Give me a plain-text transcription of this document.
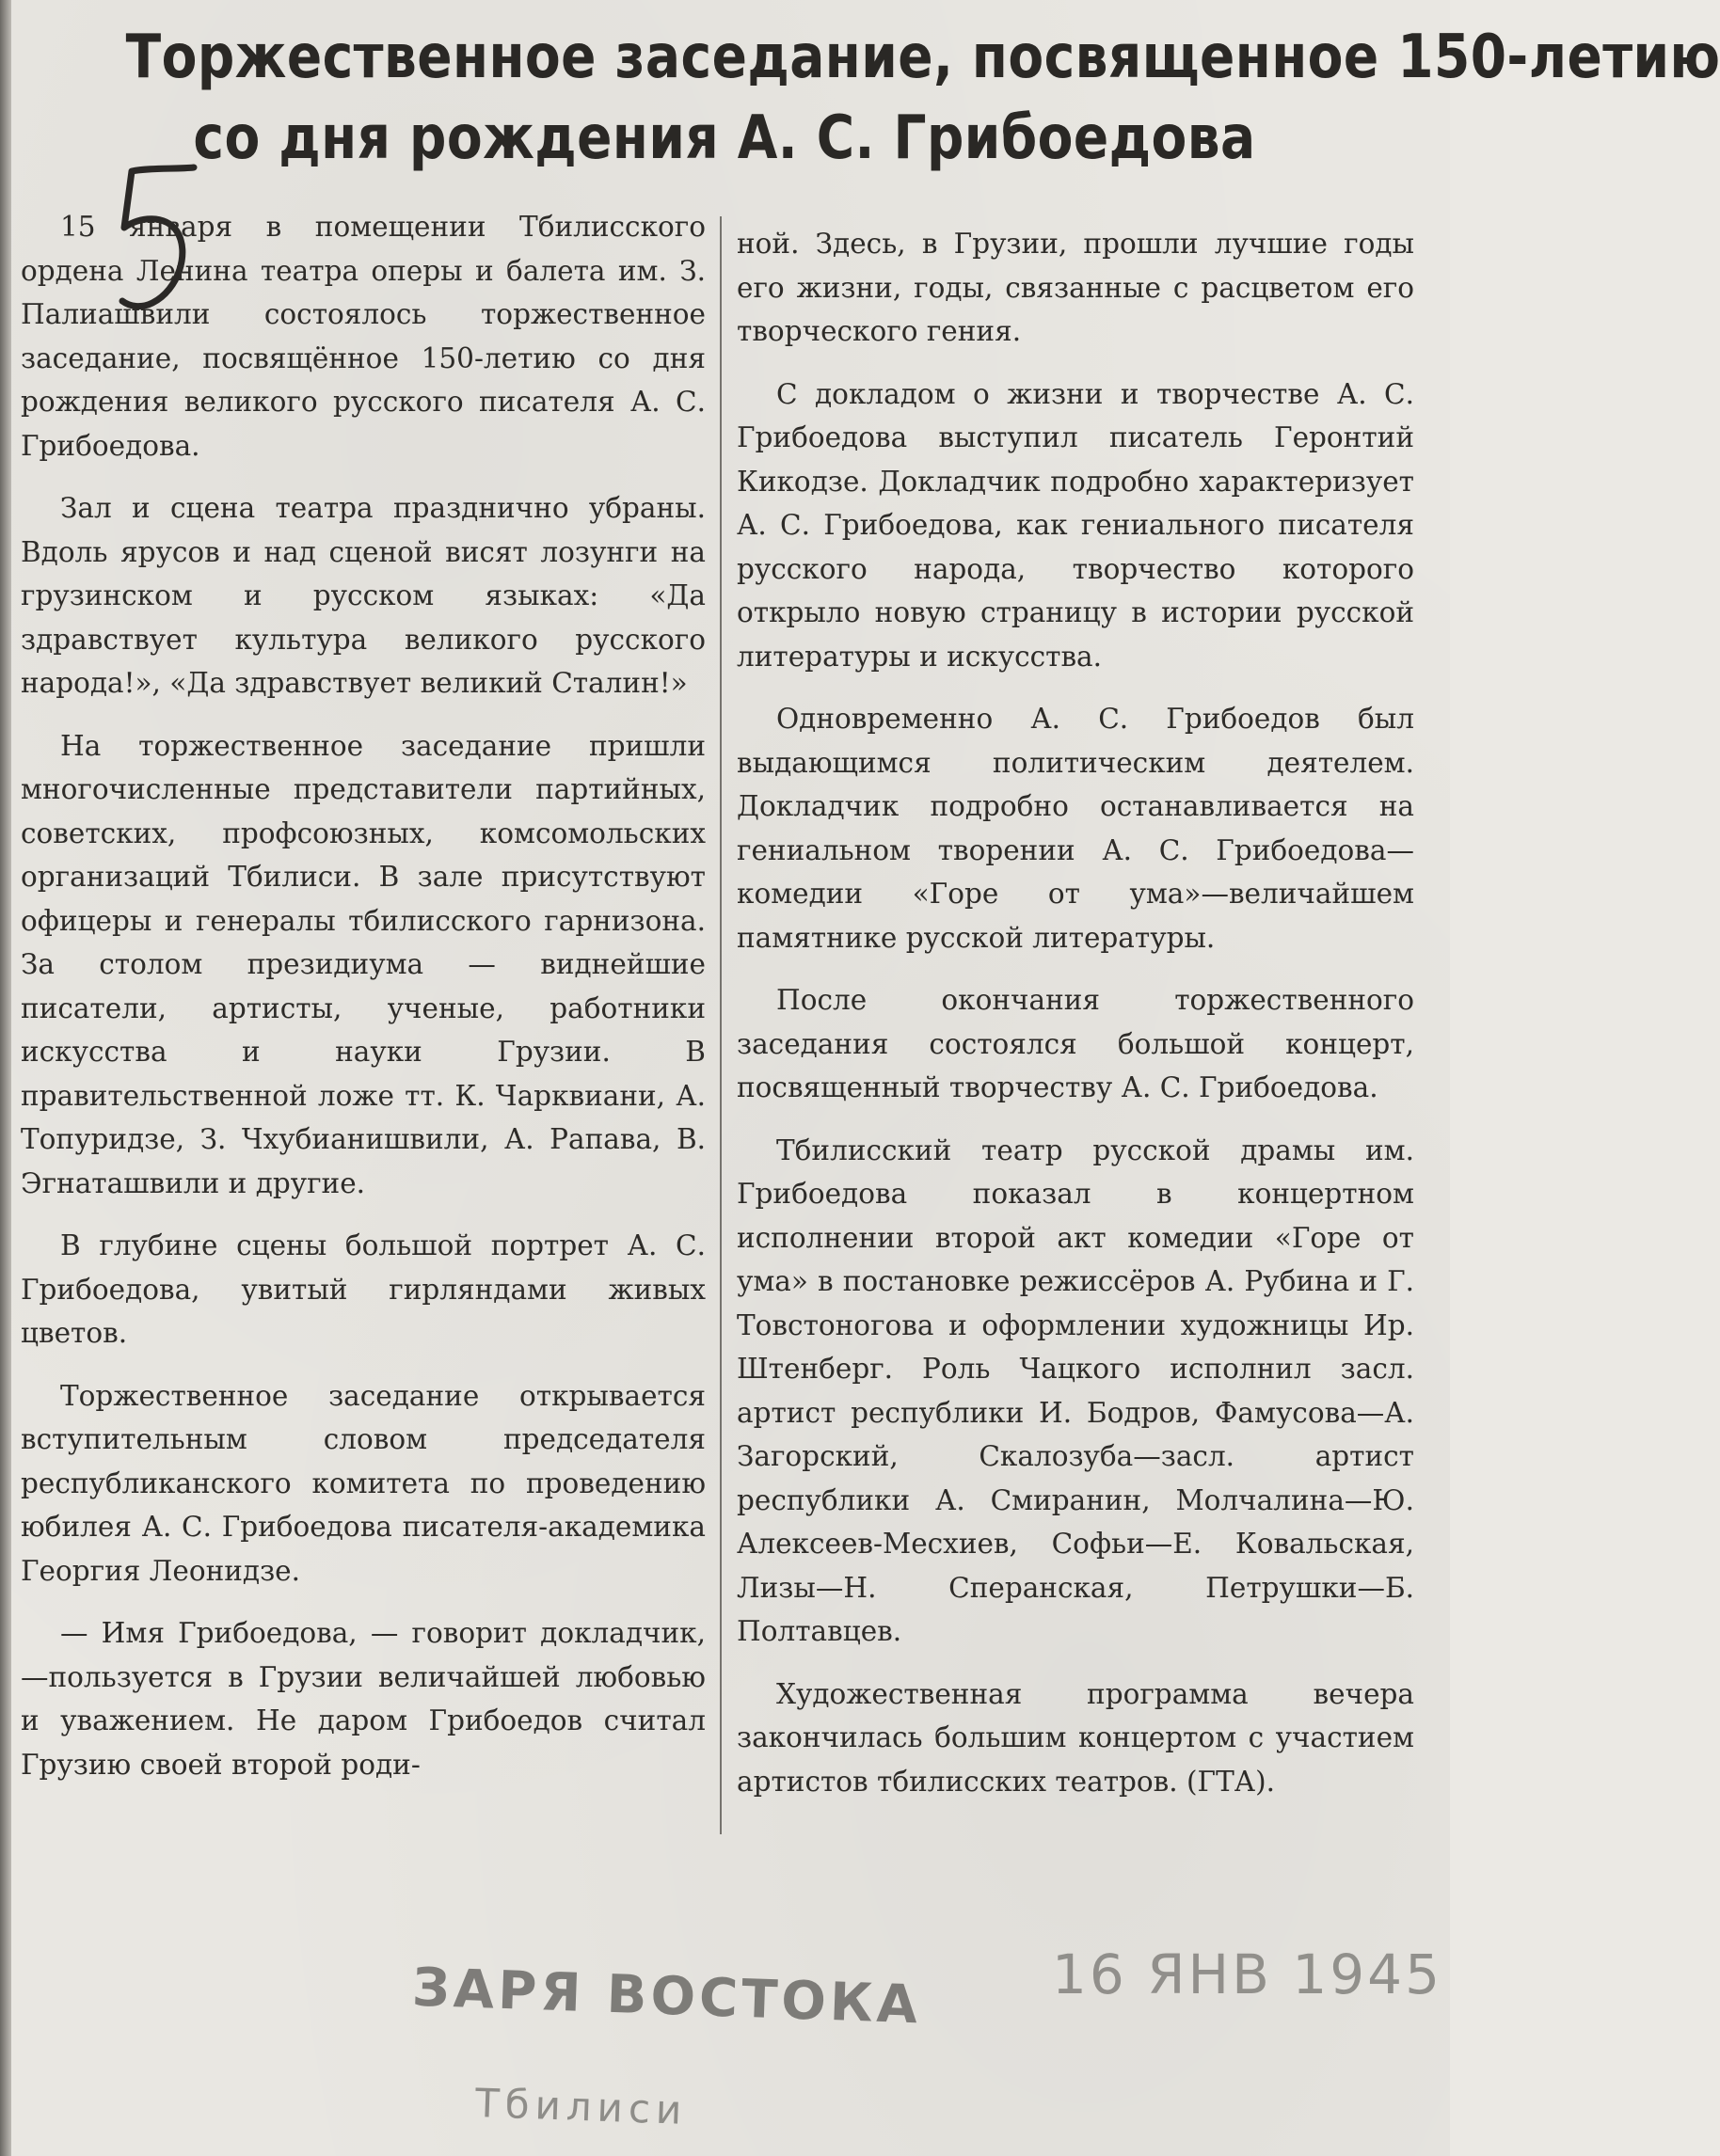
Торжественное заседание, посвященное 150-летию
со дня рождения А. С. Грибоедова

15 января в помещении Тбилисского ордена Ленина театра оперы и балета им. З. Палиашвили состоялось торжественное заседание, посвящённое 150-летию со дня рождения великого русского писателя А. С. Грибоедова.

Зал и сцена театра празднично убраны. Вдоль ярусов и над сценой висят лозунги на грузинском и русском языках: «Да здравствует культура великого русского народа!», «Да здравствует великий Сталин!»

На торжественное заседание пришли многочисленные представители партийных, советских, профсоюзных, комсомольских организаций Тбилиси. В зале присутствуют офицеры и генералы тбилисского гарнизона. За столом президиума — виднейшие писатели, артисты, ученые, работники искусства и науки Грузии. В правительственной ложе тт. К. Чарквиани, А. Топуридзе, З. Чхубианишвили, А. Рапава, В. Эгнаташвили и другие.

В глубине сцены большой портрет А. С. Грибоедова, увитый гирляндами живых цветов.

Торжественное заседание открывается вступительным словом председателя республиканского комитета по проведению юбилея А. С. Грибоедова писателя-академика Георгия Леонидзе.

— Имя Грибоедова, — говорит докладчик,—пользуется в Грузии величайшей любовью и уважением. Не даром Грибоедов считал Грузию своей второй роди-

ной. Здесь, в Грузии, прошли лучшие годы его жизни, годы, связанные с расцветом его творческого гения.

С докладом о жизни и творчестве А. С. Грибоедова выступил писатель Геронтий Кикодзе. Докладчик подробно характеризует А. С. Грибоедова, как гениального писателя русского народа, творчество которого открыло новую страницу в истории русской литературы и искусства.

Одновременно А. С. Грибоедов был выдающимся политическим деятелем. Докладчик подробно останавливается на гениальном творении А. С. Грибоедова—комедии «Горе от ума»—величайшем памятнике русской литературы.

После окончания торжественного заседания состоялся большой концерт, посвященный творчеству А. С. Грибоедова.

Тбилисский театр русской драмы им. Грибоедова показал в концертном исполнении второй акт комедии «Горе от ума» в постановке режиссёров А. Рубина и Г. Товстоногова и оформлении художницы Ир. Штенберг. Роль Чацкого исполнил засл. артист республики И. Бодров, Фамусова—А. Загорский, Скалозуба—засл. артист республики А. Смиранин, Молчалина—Ю. Алексеев-Месхиев, Софьи—Е. Ковальская, Лизы—Н. Сперанская, Петрушки—Б. Полтавцев.

Художественная программа вечера закончилась большим концертом с участием артистов тбилисских театров. (ГТА).

ЗАРЯ ВОСТОКА 16 ЯНВ 1945
Тбилиси
